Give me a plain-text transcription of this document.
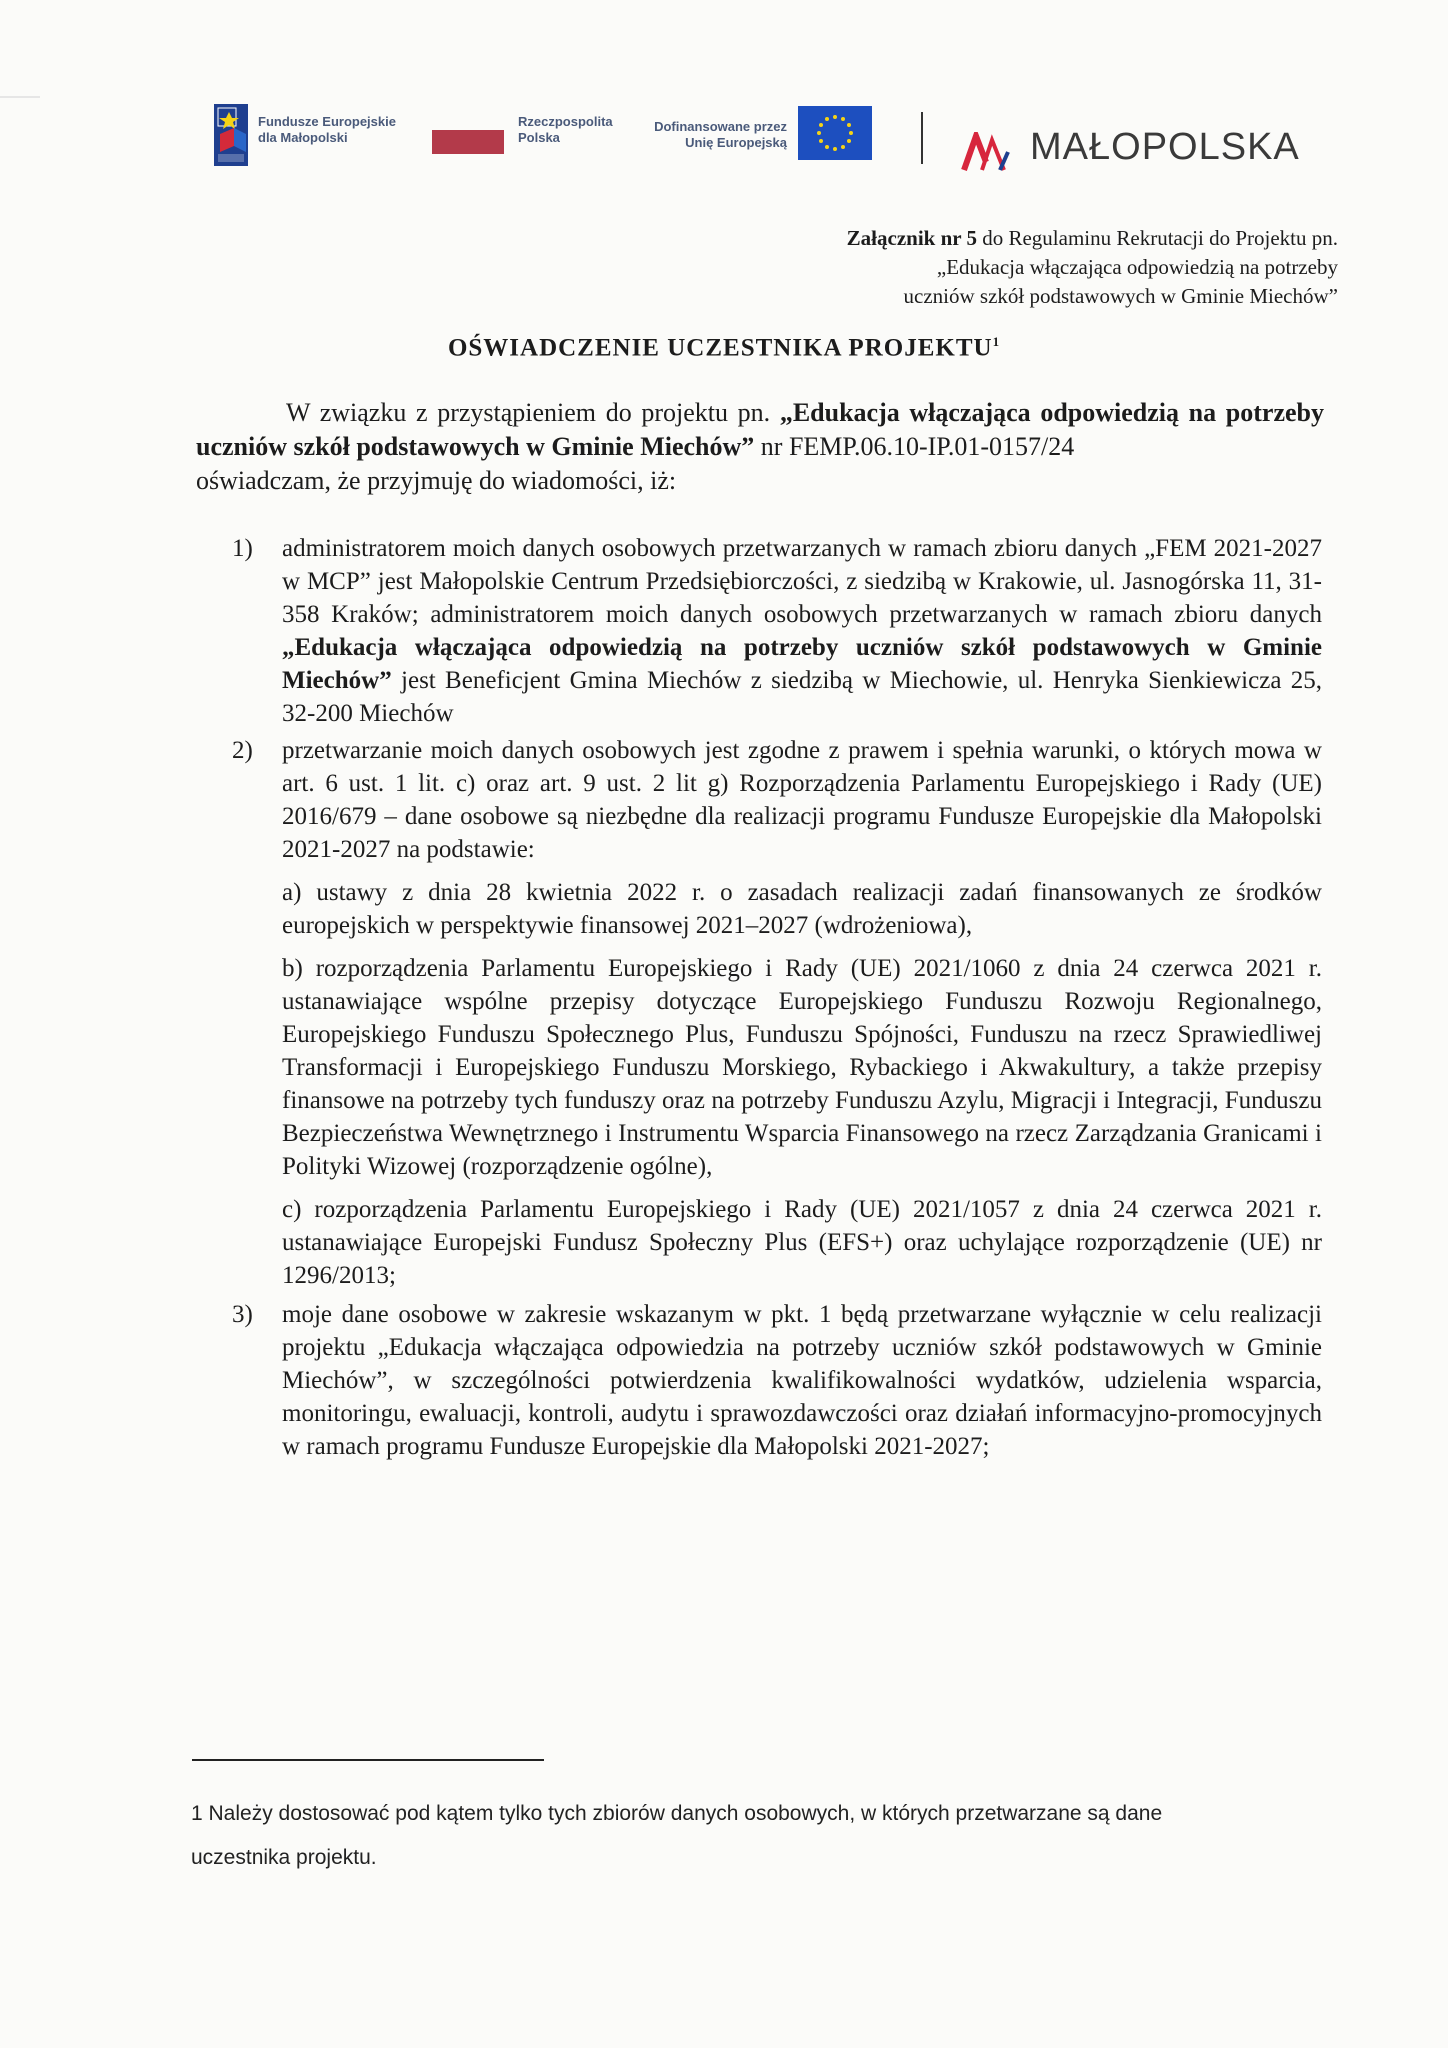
Fundusze Europejskie
dla Małopolski
Rzeczpospolita
Polska
Dofinansowane przez
Unię Europejską	MAŁOPOLSKA
Załącznik nr 5 do Regulaminu Rekrutacji do Projektu pn.
„Edukacja włączająca odpowiedzią na potrzeby
uczniów szkół podstawowych w Gminie Miechów”
OŚWIADCZENIE UCZESTNIKA PROJEKTU$^1$

W związku z przystąpieniem do projektu pn. „Edukacja włączająca odpowiedzią na potrzeby uczniów szkół podstawowych w Gminie Miechów” nr FEMP.06.10-IP.01-0157/24

oświadczam, że przyjmuję do wiadomości, iż:

1) administratorem moich danych osobowych przetwarzanych w ramach zbioru danych „FEM 2021-2027 w MCP” jest Małopolskie Centrum Przedsiębiorczości, z siedzibą w Krakowie, ul. Jasnogórska 11, 31-358 Kraków; administratorem moich danych osobowych przetwarzanych w ramach zbioru danych „Edukacja włączająca odpowiedzią na potrzeby uczniów szkół podstawowych w Gminie Miechów” jest Beneficjent Gmina Miechów z siedzibą w Miechowie, ul. Henryka Sienkiewicza 25, 32-200 Miechów

2) przetwarzanie moich danych osobowych jest zgodne z prawem i spełnia warunki, o których mowa w art. 6 ust. 1 lit. c) oraz art. 9 ust. 2 lit g) Rozporządzenia Parlamentu Europejskiego i Rady (UE) 2016/679 – dane osobowe są niezbędne dla realizacji programu Fundusze Europejskie dla Małopolski 2021-2027 na podstawie:

a) ustawy z dnia 28 kwietnia 2022 r. o zasadach realizacji zadań finansowanych ze środków europejskich w perspektywie finansowej 2021–2027 (wdrożeniowa),
b) rozporządzenia Parlamentu Europejskiego i Rady (UE) 2021/1060 z dnia 24 czerwca 2021 r. ustanawiające wspólne przepisy dotyczące Europejskiego Funduszu Rozwoju Regionalnego, Europejskiego Funduszu Społecznego Plus, Funduszu Spójności, Funduszu na rzecz Sprawiedliwej Transformacji i Europejskiego Funduszu Morskiego, Rybackiego i Akwakultury, a także przepisy finansowe na potrzeby tych funduszy oraz na potrzeby Funduszu Azylu, Migracji i Integracji, Funduszu Bezpieczeństwa Wewnętrznego i Instrumentu Wsparcia Finansowego na rzecz Zarządzania Granicami i Polityki Wizowej (rozporządzenie ogólne),
c) rozporządzenia Parlamentu Europejskiego i Rady (UE) 2021/1057 z dnia 24 czerwca 2021 r. ustanawiające Europejski Fundusz Społeczny Plus (EFS+) oraz uchylające rozporządzenie (UE) nr 1296/2013;
3) moje dane osobowe w zakresie wskazanym w pkt. 1 będą przetwarzane wyłącznie w celu realizacji projektu „Edukacja włączająca odpowiedzia na potrzeby uczniów szkół podstawowych w Gminie Miechów”, w szczególności potwierdzenia kwalifikowalności wydatków, udzielenia wsparcia, monitoringu, ewaluacji, kontroli, audytu i sprawozdawczości oraz działań informacyjno-promocyjnych w ramach programu Fundusze Europejskie dla Małopolski 2021-2027;

1 Należy dostosować pod kątem tylko tych zbiorów danych osobowych, w których przetwarzane są dane
uczestnika projektu.
